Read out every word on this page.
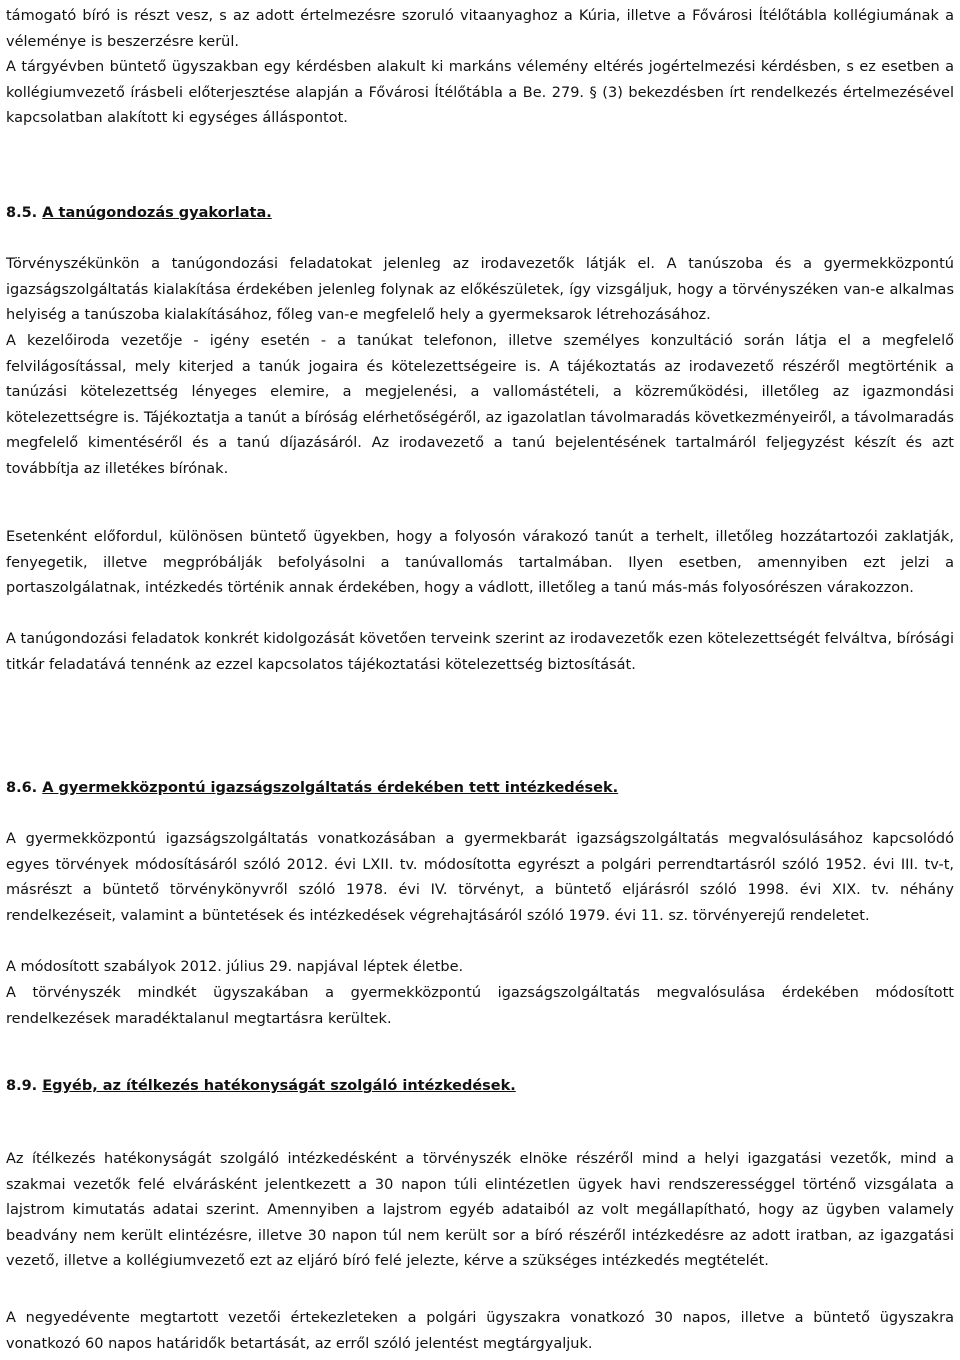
támogató bíró is részt vesz, s az adott értelmezésre szoruló vitaanyaghoz a Kúria, illetve a Fővárosi Ítélőtábla kollégiumának a véleménye is beszerzésre kerül.

A tárgyévben büntető ügyszakban egy kérdésben alakult ki markáns vélemény eltérés jogértelmezési kérdésben, s ez esetben a kollégiumvezető írásbeli előterjesztése alapján a Fővárosi Ítélőtábla a Be. 279. § (3) bekezdésben írt rendelkezés értelmezésével kapcsolatban alakított ki egységes álláspontot.

8.5. A tanúgondozás gyakorlata.

Törvényszékünkön a tanúgondozási feladatokat jelenleg az irodavezetők látják el. A tanúszoba és a gyermekközpontú igazságszolgáltatás kialakítása érdekében jelenleg folynak az előkészületek, így vizsgáljuk, hogy a törvényszéken van-e alkalmas helyiség a tanúszoba kialakításához, főleg van-e megfelelő hely a gyermeksarok létrehozásához.

A kezelőiroda vezetője - igény esetén - a tanúkat telefonon, illetve személyes konzultáció során látja el a megfelelő felvilágosítással, mely kiterjed a tanúk jogaira és kötelezettségeire is. A tájékoztatás az irodavezető részéről megtörténik a tanúzási kötelezettség lényeges elemire, a megjelenési, a vallomástételi, a közreműködési, illetőleg az igazmondási kötelezettségre is. Tájékoztatja a tanút a bíróság elérhetőségéről, az igazolatlan távolmaradás következményeiről, a távolmaradás megfelelő kimentéséről és a tanú díjazásáról. Az irodavezető a tanú bejelentésének tartalmáról feljegyzést készít és azt továbbítja az illetékes bírónak.

Esetenként előfordul, különösen büntető ügyekben, hogy a folyosón várakozó tanút a terhelt, illetőleg hozzátartozói zaklatják, fenyegetik, illetve megpróbálják befolyásolni a tanúvallomás tartalmában. Ilyen esetben, amennyiben ezt jelzi a portaszolgálatnak, intézkedés történik annak érdekében, hogy a vádlott, illetőleg a tanú más-más folyosórészen várakozzon.

A tanúgondozási feladatok konkrét kidolgozását követően terveink szerint az irodavezetők ezen kötelezettségét felváltva, bírósági titkár feladatává tennénk az ezzel kapcsolatos tájékoztatási kötelezettség biztosítását.

8.6. A gyermekközpontú igazságszolgáltatás érdekében tett intézkedések.

A gyermekközpontú igazságszolgáltatás vonatkozásában a gyermekbarát igazságszolgáltatás megvalósulásához kapcsolódó egyes törvények módosításáról szóló 2012. évi LXII. tv. módosította egyrészt a polgári perrendtartásról szóló 1952. évi III. tv-t, másrészt a büntető törvénykönyvről szóló 1978. évi IV. törvényt, a büntető eljárásról szóló 1998. évi XIX. tv. néhány rendelkezéseit, valamint a büntetések és intézkedések végrehajtásáról szóló 1979. évi 11. sz. törvényerejű rendeletet.

A módosított szabályok 2012. július 29. napjával léptek életbe.

A törvényszék mindkét ügyszakában a gyermekközpontú igazságszolgáltatás megvalósulása érdekében módosított rendelkezések maradéktalanul megtartásra kerültek.

8.9. Egyéb, az ítélkezés hatékonyságát szolgáló intézkedések.

Az ítélkezés hatékonyságát szolgáló intézkedésként a törvényszék elnöke részéről mind a helyi igazgatási vezetők, mind a szakmai vezetők felé elvárásként jelentkezett a 30 napon túli elintézetlen ügyek havi rendszerességgel történő vizsgálata a lajstrom kimutatás adatai szerint. Amennyiben a lajstrom egyéb adataiból az volt megállapítható, hogy az ügyben valamely beadvány nem került elintézésre, illetve 30 napon túl nem került sor a bíró részéről intézkedésre az adott iratban, az igazgatási vezető, illetve a kollégiumvezető ezt az eljáró bíró felé jelezte, kérve a szükséges intézkedés megtételét.

A negyedévente megtartott vezetői értekezleteken a polgári ügyszakra vonatkozó 30 napos, illetve a büntető ügyszakra vonatkozó 60 napos határidők betartását, az erről szóló jelentést megtárgyaljuk.
